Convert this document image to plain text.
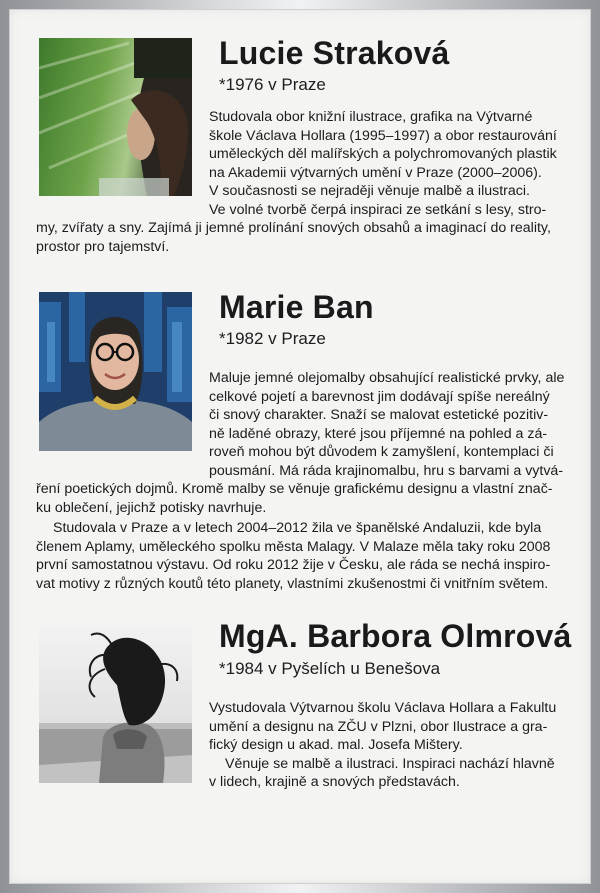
Lucie Straková
*1976 v Praze
Studovala obor knižní ilustrace, grafika na Výtvarné
škole Václava Hollara (1995–1997) a obor restaurování
uměleckých děl malířských a polychromovaných plastik
na Akademii výtvarných umění v Praze (2000–2006).
V současnosti se nejraději věnuje malbě a ilustraci.
Ve volné tvorbě čerpá inspiraci ze setkání s lesy, stro-
my, zvířaty a sny. Zajímá ji jemné prolínání snových obsahů a imaginací do reality,
prostor pro tajemství.
Marie Ban
*1982 v Praze
Maluje jemné olejomalby obsahující realistické prvky, ale
celkové pojetí a barevnost jim dodávají spíše nereálný
či snový charakter. Snaží se malovat estetické pozitiv-
ně laděné obrazy, které jsou příjemné na pohled a zá-
roveň mohou být důvodem k zamyšlení, kontemplaci či
pousmání. Má ráda krajinomalbu, hru s barvami a vytvá-
ření poetických dojmů. Kromě malby se věnuje grafickému designu a vlastní znač-
ku oblečení, jejichž potisky navrhuje.
Studovala v Praze a v letech 2004–2012 žila ve španělské Andaluzii, kde byla
členem Aplamy, uměleckého spolku města Malagy. V Malaze měla taky roku 2008
první samostatnou výstavu. Od roku 2012 žije v Česku, ale ráda se nechá inspiro-
vat motivy z různých koutů této planety, vlastními zkušenostmi či vnitřním světem.
MgA. Barbora Olmrová
*1984 v Pyšelích u Benešova
Vystudovala Výtvarnou školu Václava Hollara a Fakultu
umění a designu na ZČU v Plzni, obor Ilustrace a gra-
fický design u akad. mal. Josefa Mištery.
Věnuje se malbě a ilustraci. Inspiraci nachází hlavně
v lidech, krajině a snových představách.
